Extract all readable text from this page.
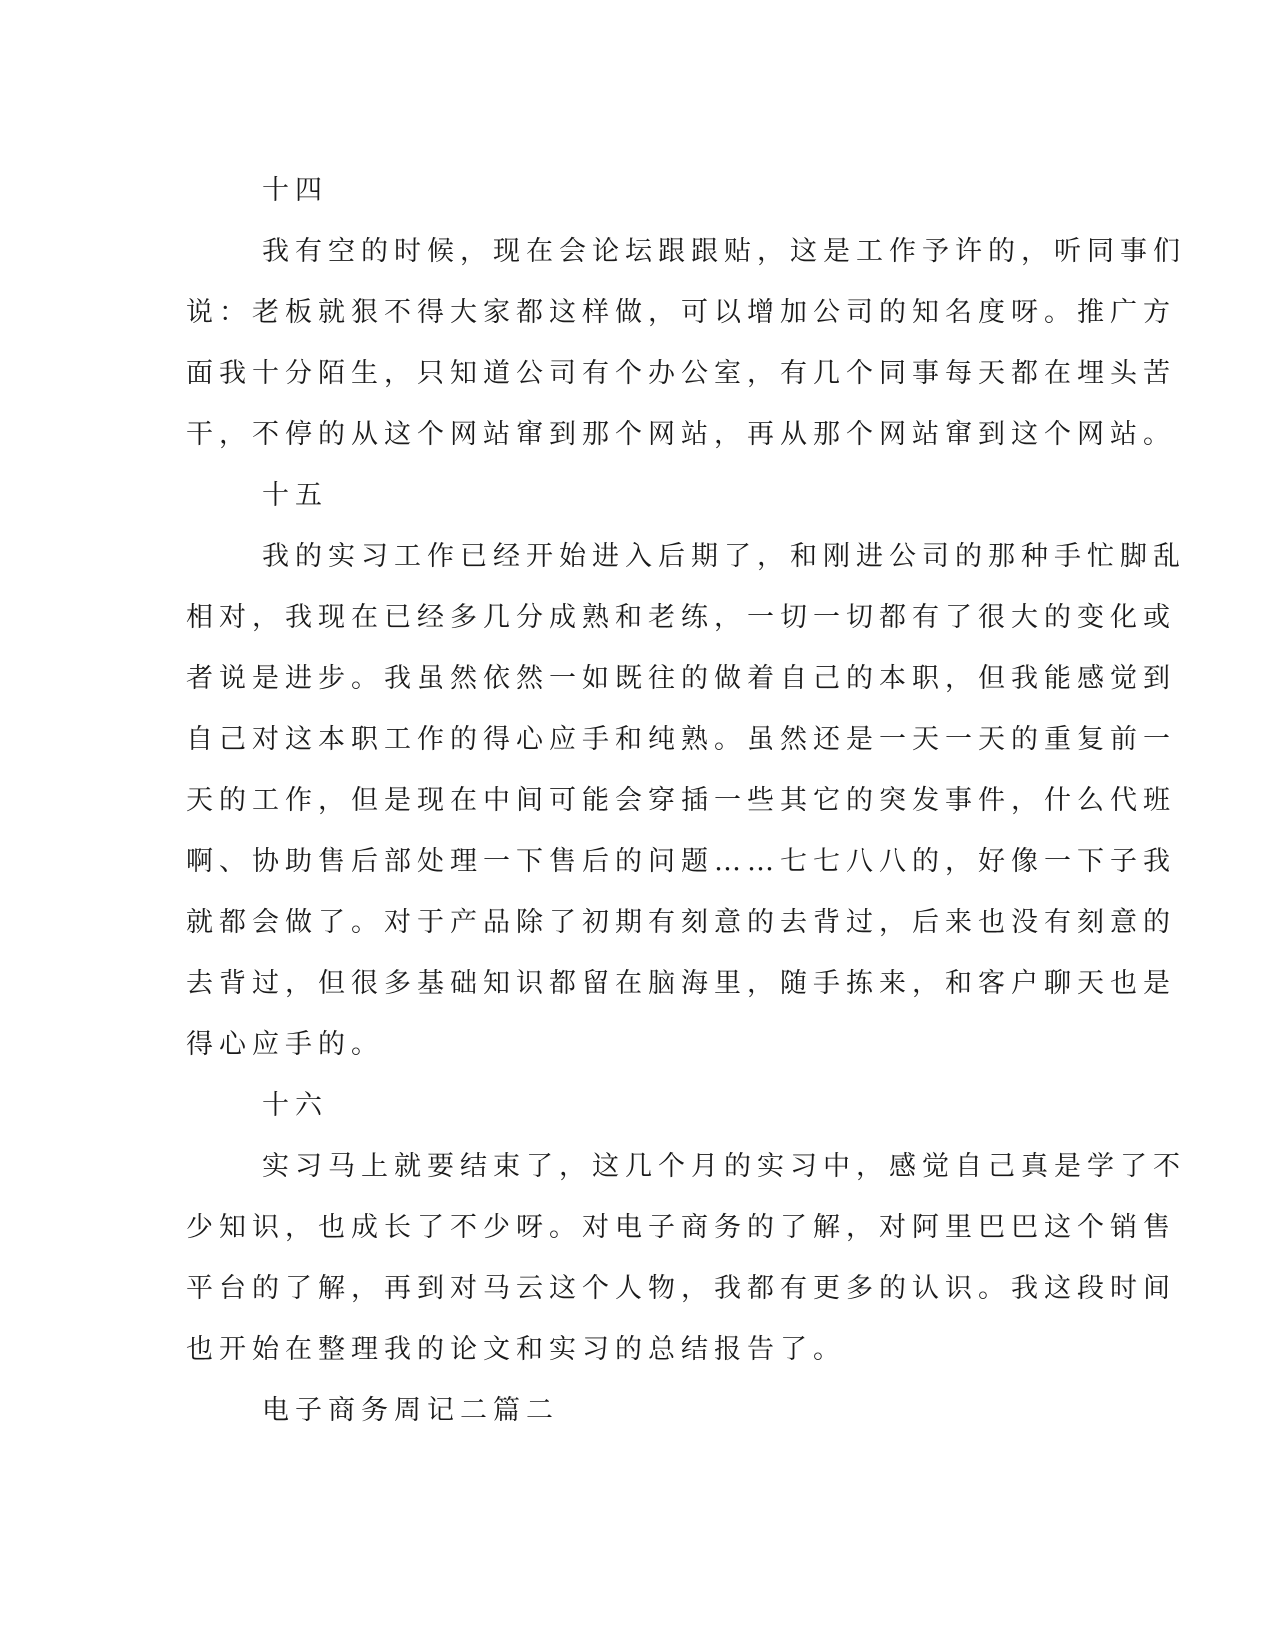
十四
我有空的时候，现在会论坛跟跟贴，这是工作予许的，听同事们
说：老板就狠不得大家都这样做，可以增加公司的知名度呀。推广方
面我十分陌生，只知道公司有个办公室，有几个同事每天都在埋头苦
干，不停的从这个网站窜到那个网站，再从那个网站窜到这个网站。
十五
我的实习工作已经开始进入后期了，和刚进公司的那种手忙脚乱
相对，我现在已经多几分成熟和老练，一切一切都有了很大的变化或
者说是进步。我虽然依然一如既往的做着自己的本职，但我能感觉到
自己对这本职工作的得心应手和纯熟。虽然还是一天一天的重复前一
天的工作，但是现在中间可能会穿插一些其它的突发事件，什么代班
啊、协助售后部处理一下售后的问题……七七八八的，好像一下子我
就都会做了。对于产品除了初期有刻意的去背过，后来也没有刻意的
去背过，但很多基础知识都留在脑海里，随手拣来，和客户聊天也是
得心应手的。
十六
实习马上就要结束了，这几个月的实习中，感觉自己真是学了不
少知识，也成长了不少呀。对电子商务的了解，对阿里巴巴这个销售
平台的了解，再到对马云这个人物，我都有更多的认识。我这段时间
也开始在整理我的论文和实习的总结报告了。
电子商务周记二篇二
